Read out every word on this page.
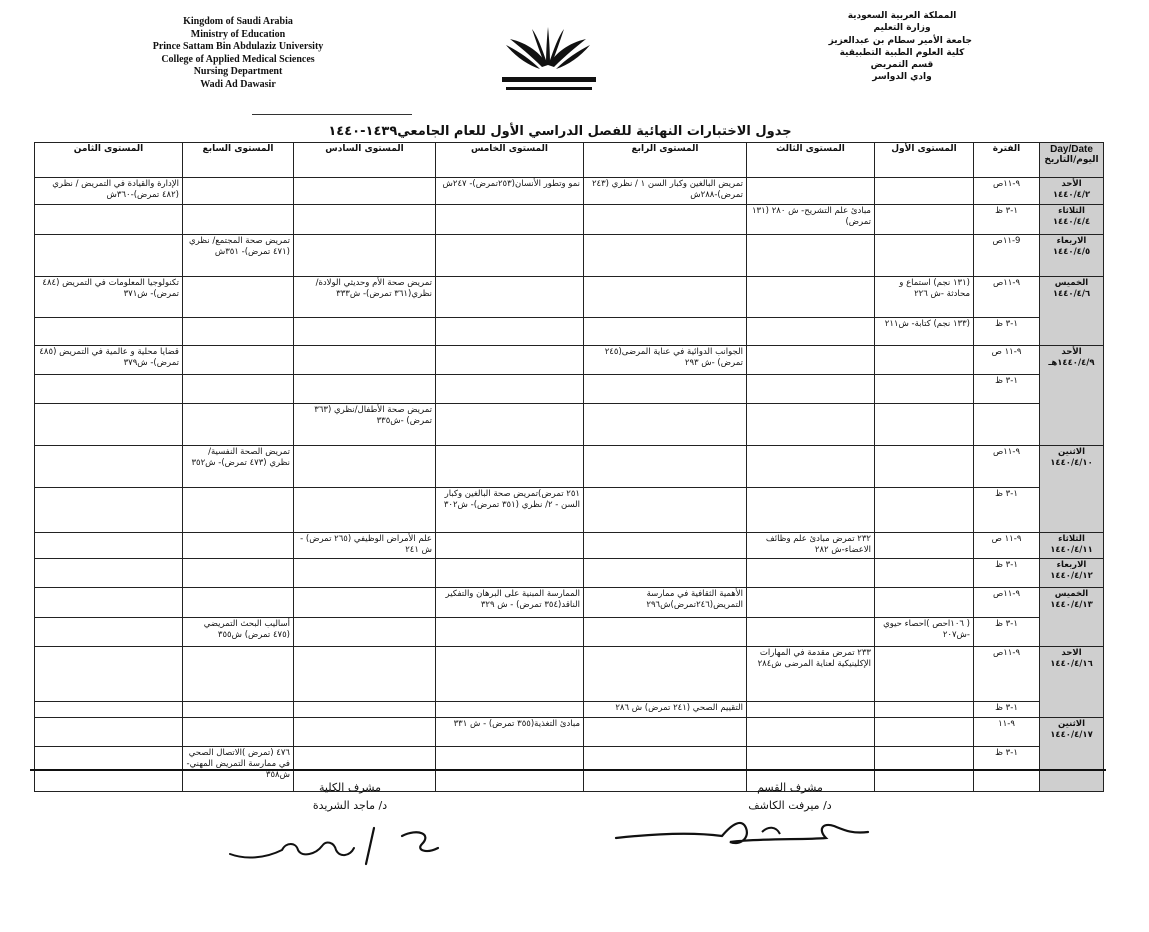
Kingdom of Saudi Arabia
Ministry of Education
Prince Sattam Bin Abdulaziz University
College of Applied Medical Sciences
Nursing Department
Wadi Ad Dawasir
المملكة العربية السعودية
وزارة التعليم
جامعة الأمير سطام بن عبدالعزيز
كلية العلوم الطبية التطبيقية
قسم التمريض
وادي الدواسر
جدول الاختبارات النهائية للفصل الدراسي الأول للعام الجامعي١٤٣٩-١٤٤٠
Day/Date
اليوم/التاريخ	الفترة	المستوى الأول	المستوى الثالث	المستوى الرابع	المستوى الخامس	المستوى السادس	المستوى السابع	المستوى الثامن

الأحد
١٤٤٠/٤/٢	٩-١١ص			تمريض البالغين وكبار السن ١ / نظري (٢٤٣ تمرض)-٢٨٨ش	نمو وتطور الأنسان(٢٥٣تمرض)- ٢٤٧ش			الإدارة والقيادة في التمريض / نظري (٤٨٢ تمرض)-٣٦٠ش

الثلاثاء
١٤٤٠/٤/٤	١-٣ ظ		مبادئ علم التشريح- ش ٢٨٠ (١٣١ تمرض)					

الاربعاء
١٤٤٠/٤/٥	9-١١ص						تمريض صحة المجتمع/ نظري (٤٧١ تمرض)- ٣٥١ش	

الخميس
١٤٤٠/٤/٦	٩-١١ص	(١٣١ نجم) استماع و محادثة -ش ٢٢٦				تمريض صحة الأم وحديثي الولادة/ نظري(٣٦١ تمرض)- ش٣٣٣		تكنولوجيا المعلومات في التمريض (٤٨٤ تمرض)- ش٣٧١
	١-٣ ظ	(١٣٣ نجم) كتابة- ش٢١١						

الأحد
١٤٤٠/٤/٩هـ	٩-١١ ص			الجوانب الدوائية في عناية المرضى(٢٤٥ تمرض) -ش ٢٩٣				قضايا محلية و عالمية في التمريض (٤٨٥ تمرض)- ش٣٧٩
	١-٣ ظ							
						تمريض صحة الأطفال/نظري (٣٦٣ تمرض) -ش٣٣٥		

الاثنين
١٤٤٠/٤/١٠	٩-١١ص						تمريض الصحة النفسية/ نظري (٤٧٣ تمرض)- ش٣٥٢	
	١-٣ ظ				٢٥١ تمرض)تمريض صحة البالغين وكبار السن - ٢/ نظري (٣٥١ تمرض)- ش٣٠٢			

الثلاثاء
١٤٤٠/٤/١١	٩-١١ ص		٢٣٢ تمرض مبادئ علم وظائف الاعضاء-ش ٢٨٢			علم الأمراض الوظيفي (٢٦٥ تمرض) - ش ٢٤١		

الاربعاء
١٤٤٠/٤/١٢	١-٣ ظ							

الخميس
١٤٤٠/٤/١٣	٩-١١ص			الأهمية الثقافية في ممارسة التمريض(٢٤٦تمرض)ش٢٩٦	الممارسة المبنية على البرهان والتفكير الناقد(٣٥٤ تمرض) - ش ٣٢٩			
	١-٣ ظ	( ١٠٦احص )احصاء حيوي -ش٢٠٧					أساليب البحث التمريضي (٤٧٥ تمرض) ش٣٥٥	

الاحد
١٤٤٠/٤/١٦	٩-١١ص		٢٣٣ تمرض مقدمة في المهارات الإكلينيكية لعناية المرضى ش٢٨٤					
	١-٣ ظ			التقييم الصحي (٢٤١ تمرض) ش ٢٨٦				

الاثنين
١٤٤٠/٤/١٧	٩-١١				مبادئ التغذية(٣٥٥ تمرض) - ش ٣٣١			
	١-٣ ظ						٤٧٦ (تمرض )الاتصال الصحي في ممارسة التمريض المهني- ش٣٥٨	
مشرف القسم
د/ ميرفت الكاشف
مشرف الكلية
د/ ماجد الشريدة
